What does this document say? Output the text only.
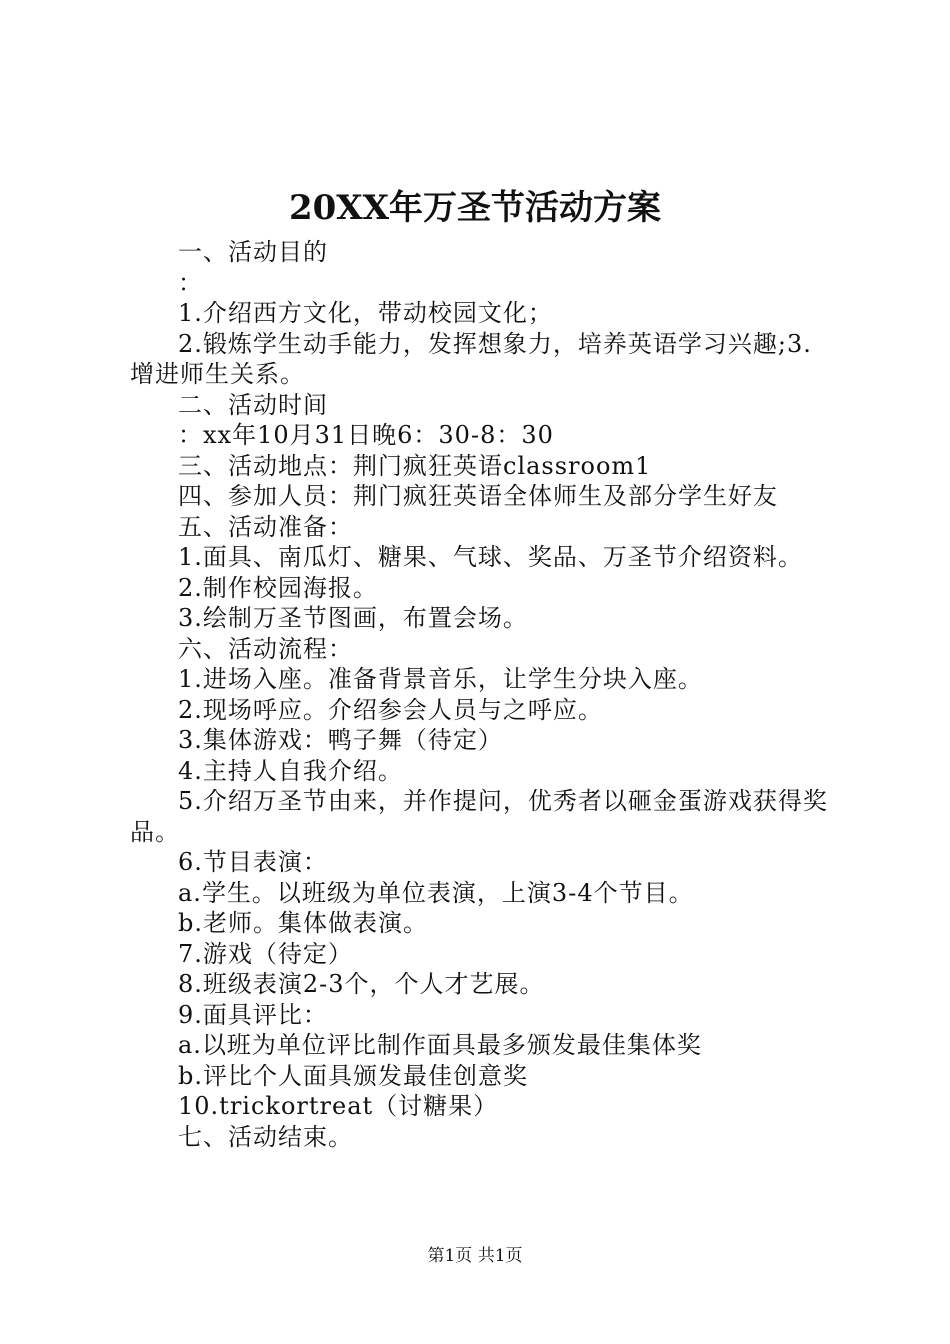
20XX年万圣节活动方案
一、活动目的
：
1.介绍西方文化，带动校园文化；
2.锻炼学生动手能力，发挥想象力，培养英语学习兴趣;3.增进师生关系。
二、活动时间
：xx年10月31日晚6：30-8：30
三、活动地点：荆门疯狂英语classroom1
四、参加人员：荆门疯狂英语全体师生及部分学生好友
五、活动准备：
1.面具、南瓜灯、糖果、气球、奖品、万圣节介绍资料。
2.制作校园海报。
3.绘制万圣节图画，布置会场。
六、活动流程：
1.进场入座。准备背景音乐，让学生分块入座。
2.现场呼应。介绍参会人员与之呼应。
3.集体游戏：鸭子舞（待定）
4.主持人自我介绍。
5.介绍万圣节由来，并作提问，优秀者以砸金蛋游戏获得奖品。
6.节目表演：
a.学生。以班级为单位表演，上演3-4个节目。
b.老师。集体做表演。
7.游戏（待定）
8.班级表演2-3个，个人才艺展。
9.面具评比：
a.以班为单位评比制作面具最多颁发最佳集体奖
b.评比个人面具颁发最佳创意奖
10.trickortreat（讨糖果）
七、活动结束。
第1页 共1页
